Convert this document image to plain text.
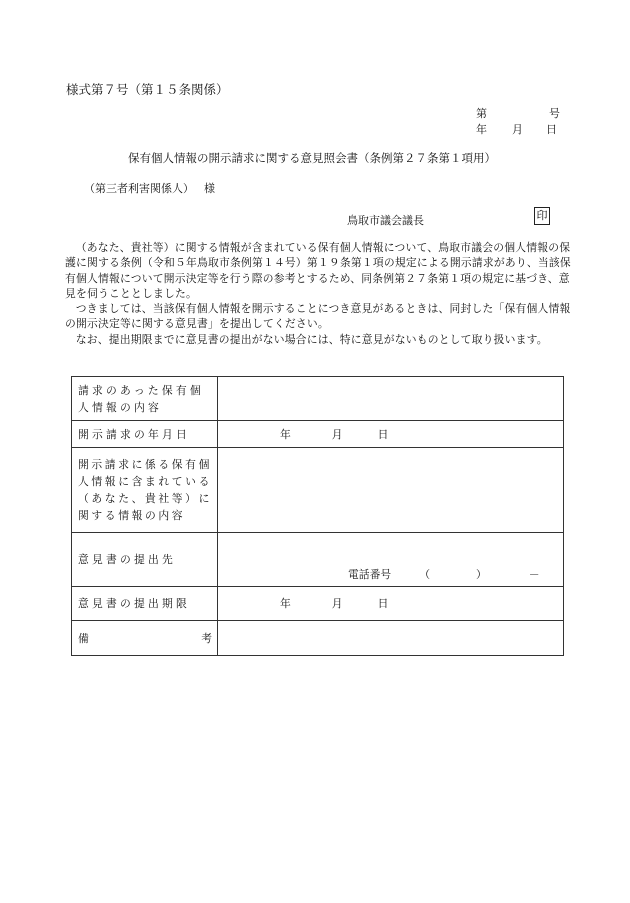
様式第７号（第１５条関係）
第	号
年 月 日
保有個人情報の開示請求に関する意見照会書（条例第２７条第１項用）
（第三者利害関係人） 様
鳥取市議会議長	印

（あなた、貴社等）に関する情報が含まれている保有個人情報について、鳥取市議会の個人情報の保護に関する条例（令和５年鳥取市条例第１４号）第１９条第１項の規定による開示請求があり、当該保有個人情報について開示決定等を行う際の参考とするため、同条例第２７条第１項の規定に基づき、意見を伺うこととしました。

つきましては、当該保有個人情報を開示することにつき意見があるときは、同封した「保有個人情報の開示決定等に関する意見書」を提出してください。

なお、提出期限までに意見書の提出がない場合には、特に意見がないものとして取り扱います。

請求のあった保有個人情報の内容	
開示請求の年月日	年 月 日

開示請求に係る保有個人情報に含まれている（あなた、貴社等）に関する情報の内容	
意見書の提出先	電話番号 （ ） －

意見書の提出期限	年 月 日

備 考	
